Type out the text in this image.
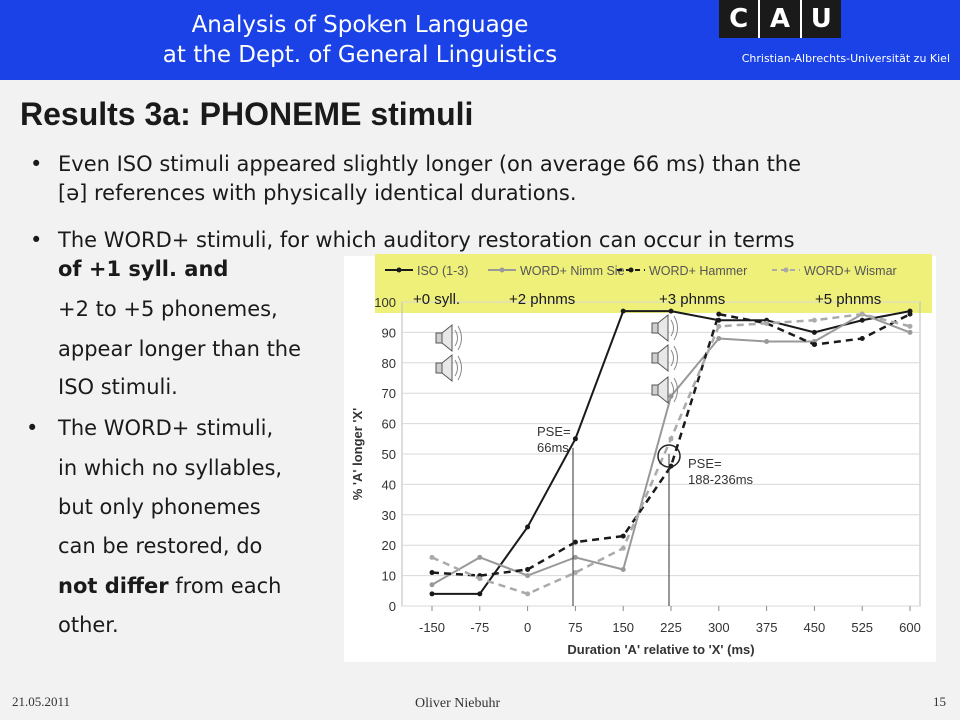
Analysis of Spoken Language
at the Dept. of General Linguistics
C A U
Christian-Albrechts-Universität zu Kiel
Results 3a: PHONEME stimuli
• Even ISO stimuli appeared slightly longer (on average 66 ms) than the
[ə] references with physically identical durations.
• The WORD+ stimuli, for which auditory restoration can occur in terms
of +1 syll. and
+2 to +5 phonemes,
appear longer than the
ISO stimuli.
• The WORD+ stimuli,
in which no syllables,
but only phonemes
can be restored, do
not differ from each
other.
0
10
20
30
40
50
60
70
80
90
100
-150 -75	0	75 150 225 300 375 450 525 600
Duration 'A' relative to 'X' (ms)
% 'A' longer 'X'
ISO (1-3)	WORD+ Nimm Sie WORD+ Hammer	WORD+ Wismar
+0 syll.	+2 phnms	+3 phnms	+5 phnms
PSE=
66ms
PSE=
188-236ms
21.05.2011	Oliver Niebuhr	15
